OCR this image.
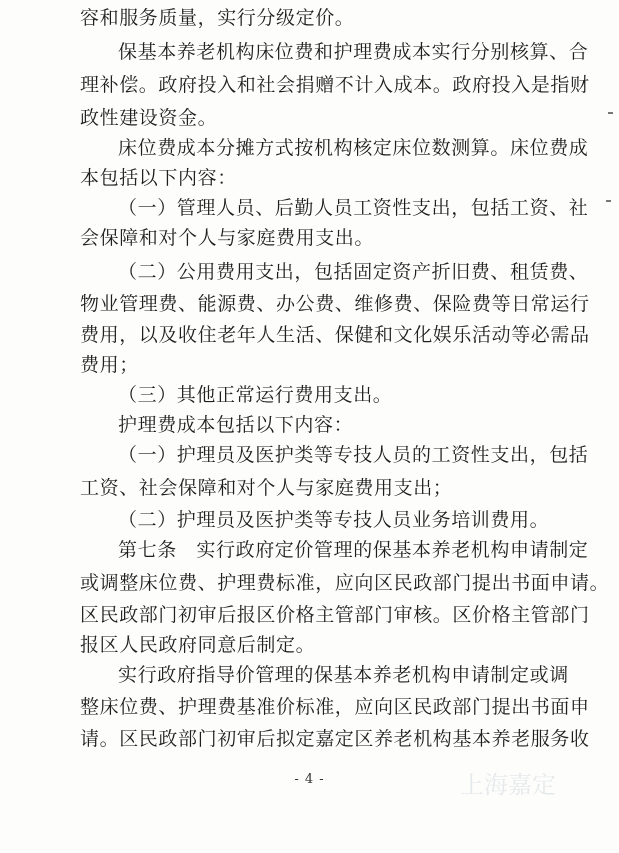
容和服务质量，实行分级定价。
保基本养老机构床位费和护理费成本实行分别核算、合
理补偿。政府投入和社会捐赠不计入成本。政府投入是指财
政性建设资金。
床位费成本分摊方式按机构核定床位数测算。床位费成
本包括以下内容：
（一）管理人员、后勤人员工资性支出，包括工资、社
会保障和对个人与家庭费用支出。
（二）公用费用支出，包括固定资产折旧费、租赁费、
物业管理费、能源费、办公费、维修费、保险费等日常运行
费用，以及收住老年人生活、保健和文化娱乐活动等必需品
费用；
（三）其他正常运行费用支出。
护理费成本包括以下内容：
（一）护理员及医护类等专技人员的工资性支出，包括
工资、社会保障和对个人与家庭费用支出；
（二）护理员及医护类等专技人员业务培训费用。
第七条　实行政府定价管理的保基本养老机构申请制定
或调整床位费、护理费标准，应向区民政部门提出书面申请。
区民政部门初审后报区价格主管部门审核。区价格主管部门
报区人民政府同意后制定。
实行政府指导价管理的保基本养老机构申请制定或调
整床位费、护理费基准价标准，应向区民政部门提出书面申
请。区民政部门初审后拟定嘉定区养老机构基本养老服务收
- 4 -	上海嘉定
